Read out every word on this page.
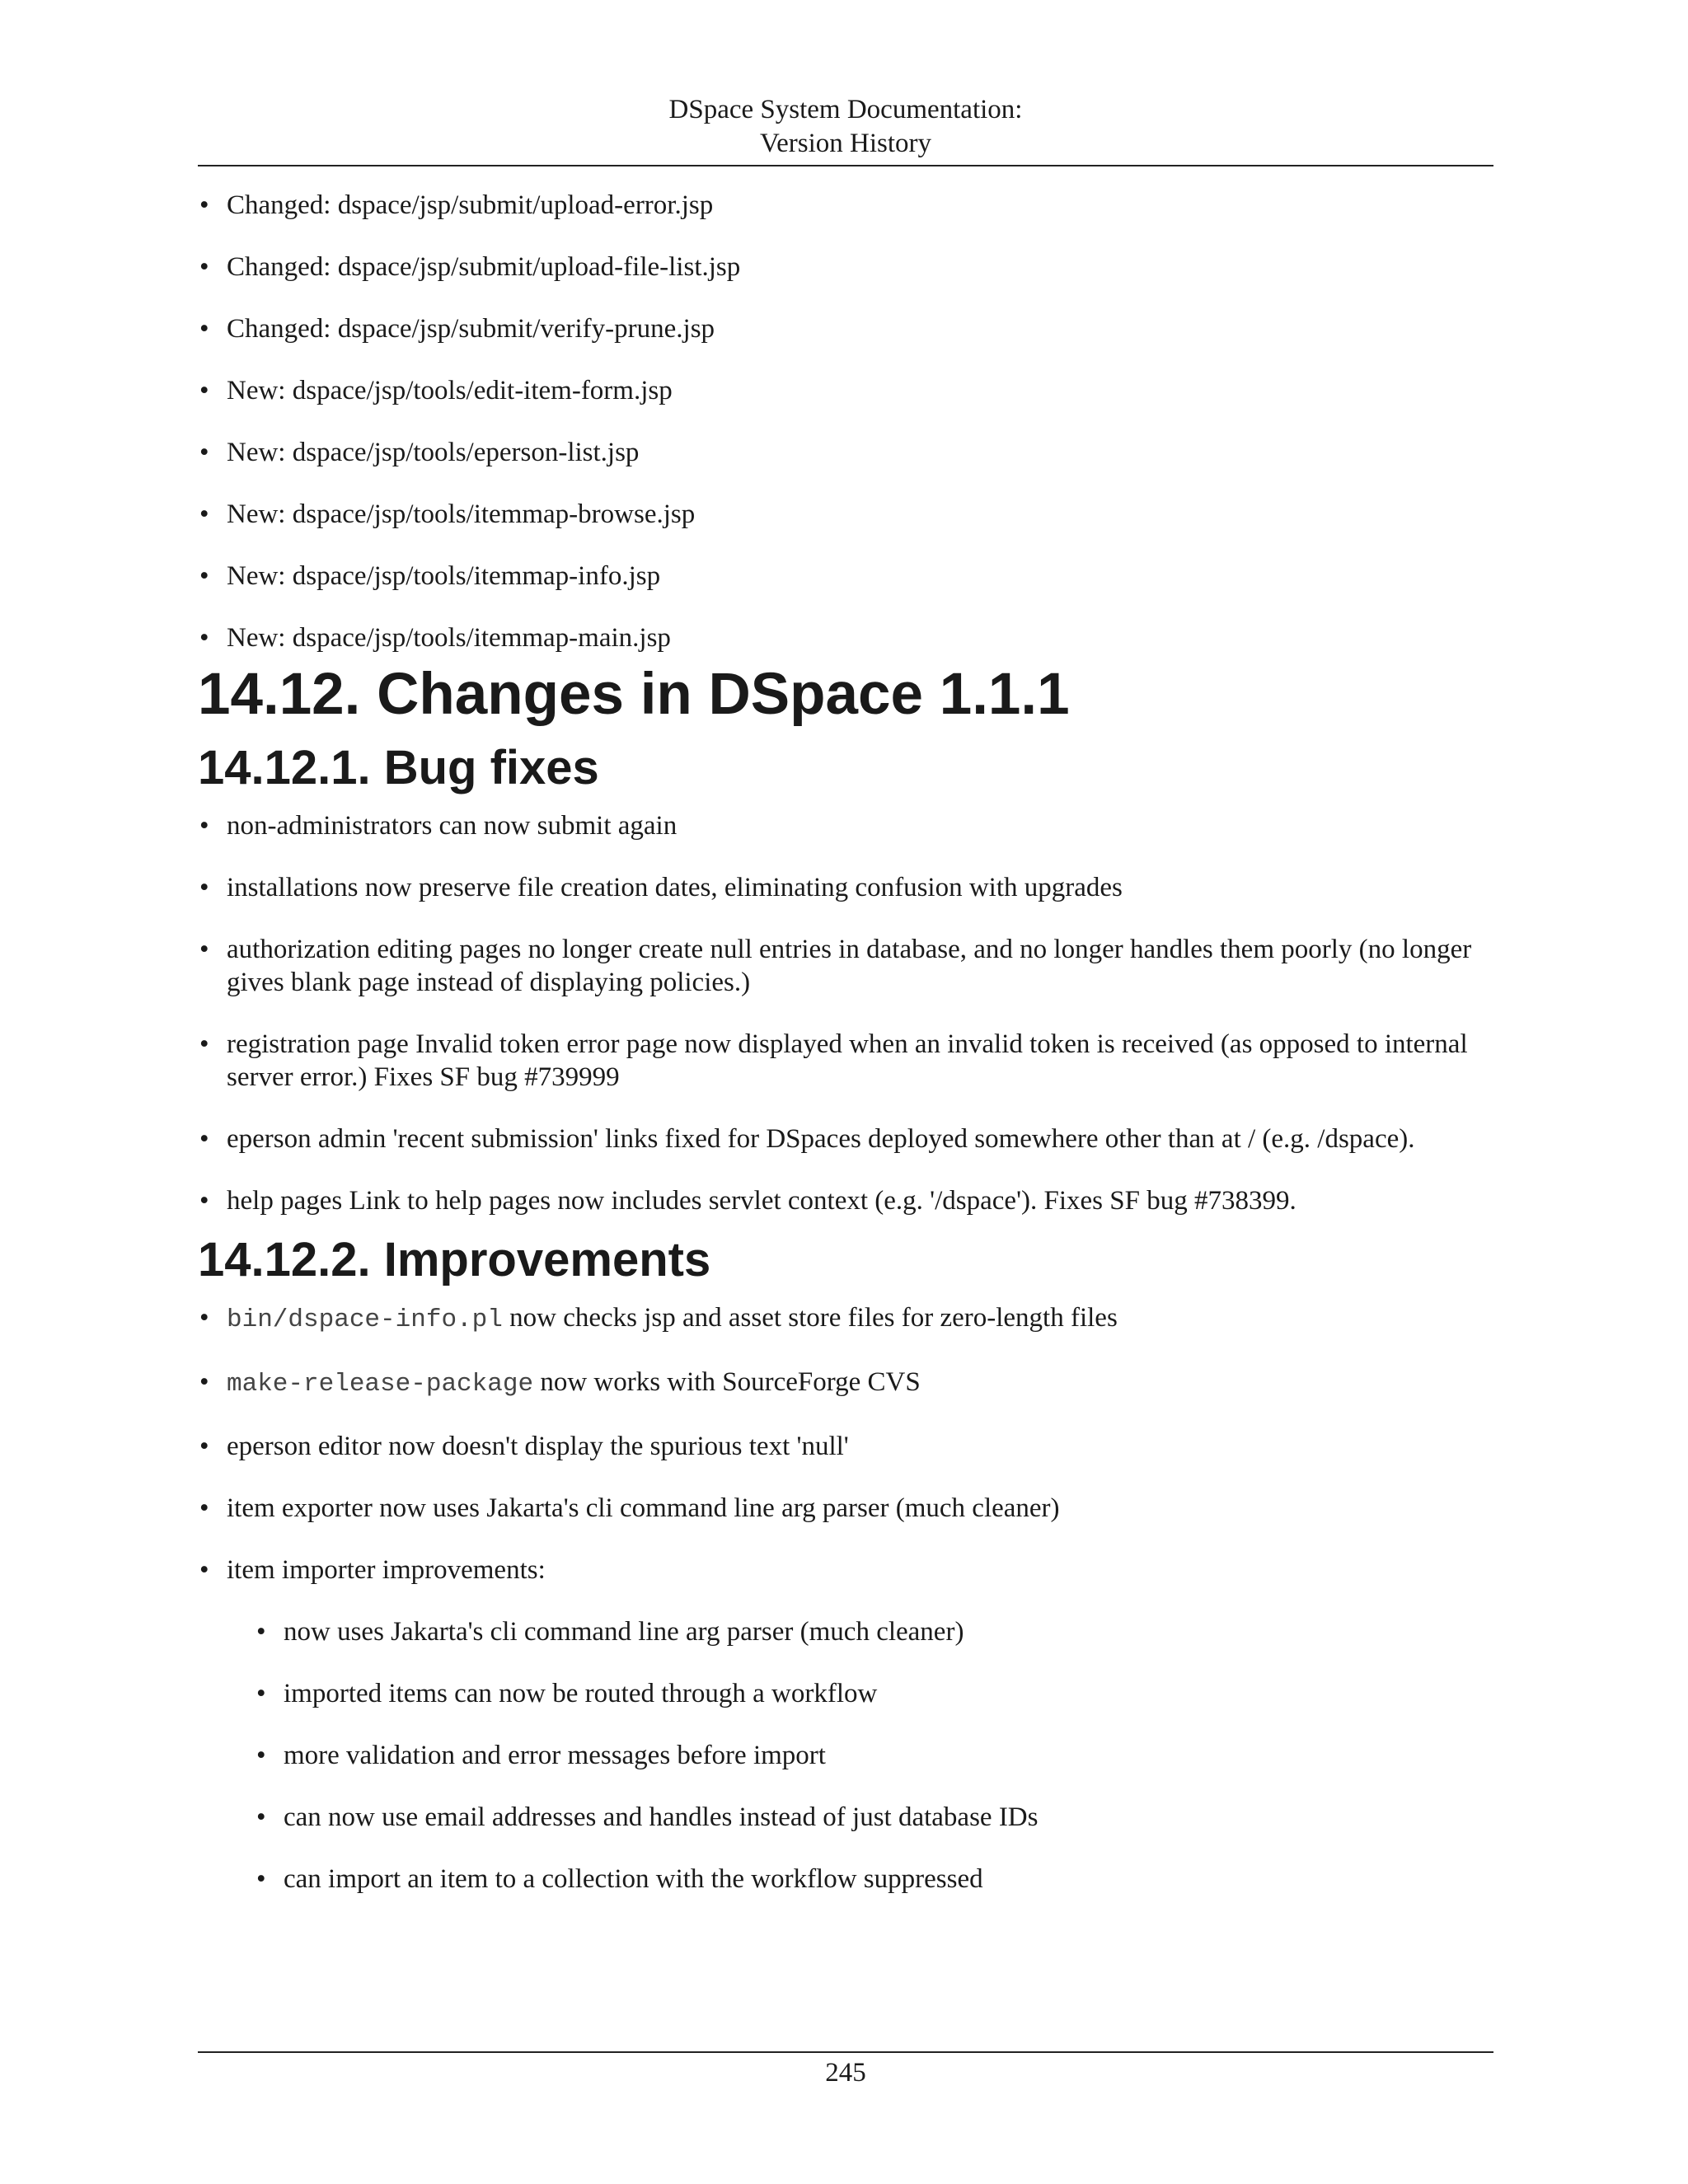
DSpace System Documentation:
Version History
• Changed: dspace/jsp/submit/upload-error.jsp
• Changed: dspace/jsp/submit/upload-file-list.jsp
• Changed: dspace/jsp/submit/verify-prune.jsp
• New: dspace/jsp/tools/edit-item-form.jsp
• New: dspace/jsp/tools/eperson-list.jsp
• New: dspace/jsp/tools/itemmap-browse.jsp
• New: dspace/jsp/tools/itemmap-info.jsp
• New: dspace/jsp/tools/itemmap-main.jsp
14.12. Changes in DSpace 1.1.1
14.12.1. Bug fixes
• non-administrators can now submit again
• installations now preserve file creation dates, eliminating confusion with upgrades
• authorization editing pages no longer create null entries in database, and no longer handles them poorly (no longer gives blank page instead of displaying policies.)
• registration page Invalid token error page now displayed when an invalid token is received (as opposed to internal server error.) Fixes SF bug #739999
• eperson admin 'recent submission' links fixed for DSpaces deployed somewhere other than at / (e.g. /dspace).
• help pages Link to help pages now includes servlet context (e.g. '/dspace'). Fixes SF bug #738399.
14.12.2. Improvements
• bin/dspace-info.pl now checks jsp and asset store files for zero-length files
• make-release-package now works with SourceForge CVS
• eperson editor now doesn't display the spurious text 'null'
• item exporter now uses Jakarta's cli command line arg parser (much cleaner)
• item importer improvements:
• now uses Jakarta's cli command line arg parser (much cleaner)
• imported items can now be routed through a workflow
• more validation and error messages before import
• can now use email addresses and handles instead of just database IDs
• can import an item to a collection with the workflow suppressed
245
